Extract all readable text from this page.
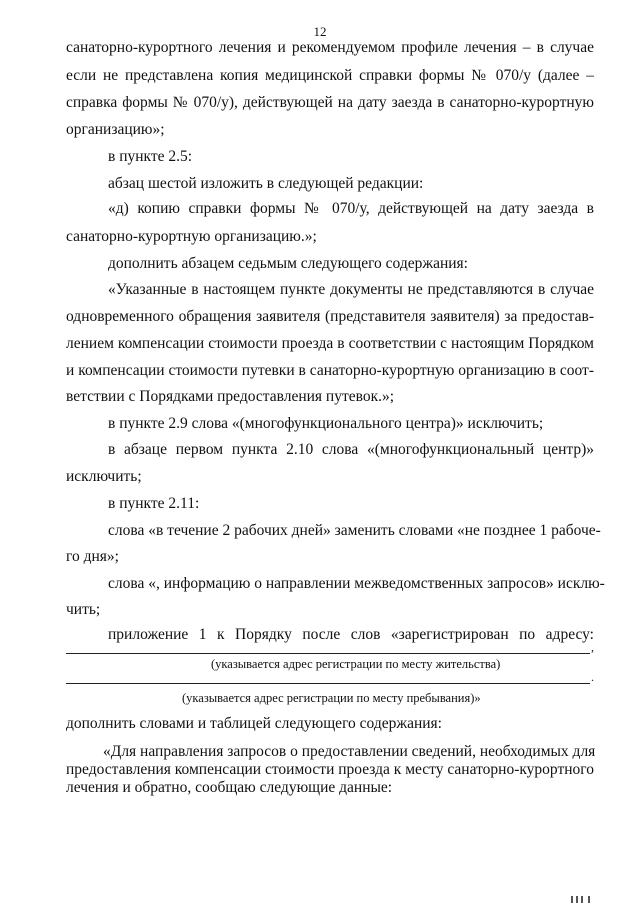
12
санаторно-курортного лечения и рекомендуемом профиле лечения – в случае
если не представлена копия медицинской справки формы № 070/у (далее –
справка формы № 070/у), действующей на дату заезда в санаторно-курортную
организацию»;
в пункте 2.5:
абзац шестой изложить в следующей редакции:
«д) копию справки формы № 070/у, действующей на дату заезда в
санаторно-курортную организацию.»;
дополнить абзацем седьмым следующего содержания:
«Указанные в настоящем пункте документы не представляются в случае
одновременного обращения заявителя (представителя заявителя) за предостав-
лением компенсации стоимости проезда в соответствии с настоящим Порядком
и компенсации стоимости путевки в санаторно-курортную организацию в соот-
ветствии с Порядками предоставления путевок.»;
в пункте 2.9 слова «(многофункционального центра)» исключить;
в абзаце первом пункта 2.10 слова «(многофункциональный центр)»
исключить;
в пункте 2.11:
слова «в течение 2 рабочих дней» заменить словами «не позднее 1 рабоче-
го дня»;
слова «, информацию о направлении межведомственных запросов» исклю-
чить;
приложение 1 к Порядку после слов «зарегистрирован по адресу:
,
(указывается адрес регистрации по месту жительства)
.
(указывается адрес регистрации по месту пребывания)»
дополнить словами и таблицей следующего содержания:
«Для направления запросов о предоставлении сведений, необходимых для
предоставления компенсации стоимости проезда к месту санаторно-курортного
лечения и обратно, сообщаю следующие данные:
